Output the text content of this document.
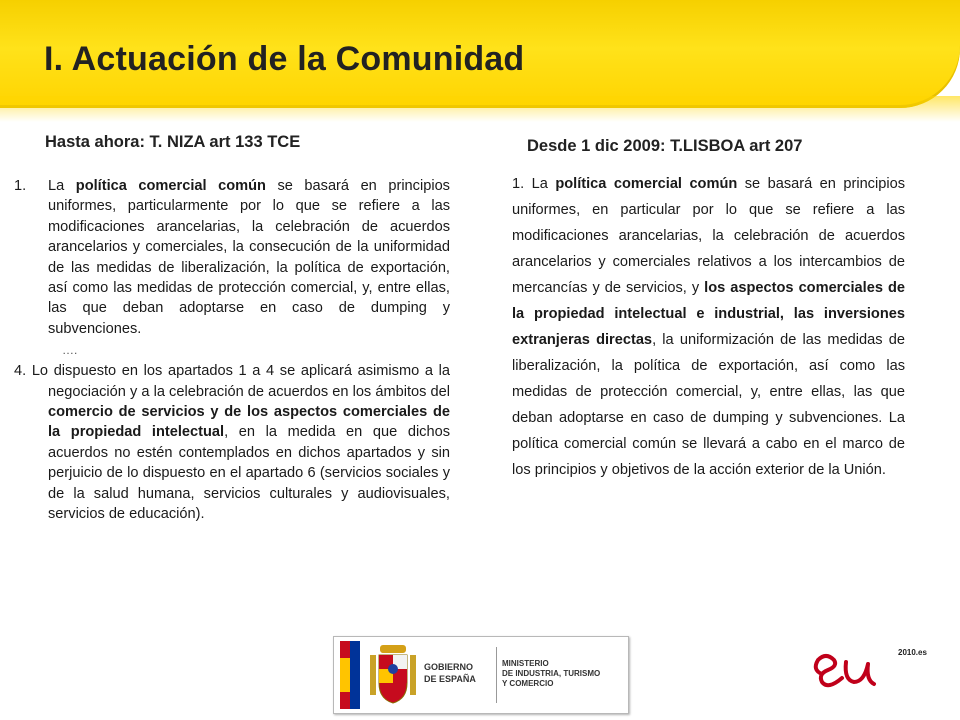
I. Actuación de la Comunidad
Hasta ahora: T. NIZA art 133 TCE	Desde 1 dic 2009: T.LISBOA art 207

1. La política comercial común se basará en principios uniformes, particularmente por lo que se refiere a las modificaciones arancelarias, la celebración de acuerdos arancelarios y comerciales, la consecución de la uniformidad de las medidas de liberalización, la política de exportación, así como las medidas de protección comercial, y, entre ellas, las que deban adoptarse en caso de dumping y subvenciones.

….

4. Lo dispuesto en los apartados 1 a 4 se aplicará asimismo a la negociación y a la celebración de acuerdos en los ámbitos del comercio de servicios y de los aspectos comerciales de la propiedad intelectual, en la medida en que dichos acuerdos no estén contemplados en dichos apartados y sin perjuicio de lo dispuesto en el apartado 6 (servicios sociales y de la salud humana, servicios culturales y audiovisuales, servicios de educación).

1. La política comercial común se basará en principios uniformes, en particular por lo que se refiere a las modificaciones arancelarias, la celebración de acuerdos arancelarios y comerciales relativos a los intercambios de mercancías y de servicios, y los aspectos comerciales de la propiedad intelectual e industrial, las inversiones extranjeras directas, la uniformización de las medidas de liberalización, la política de exportación, así como las medidas de protección comercial, y, entre ellas, las que deban adoptarse en caso de dumping y subvenciones. La política comercial común se llevará a cabo en el marco de los principios y objetivos de la acción exterior de la Unión.

GOBIERNO
DE ESPAÑA
MINISTERIO
DE INDUSTRIA, TURISMO
Y COMERCIO
2010.es
